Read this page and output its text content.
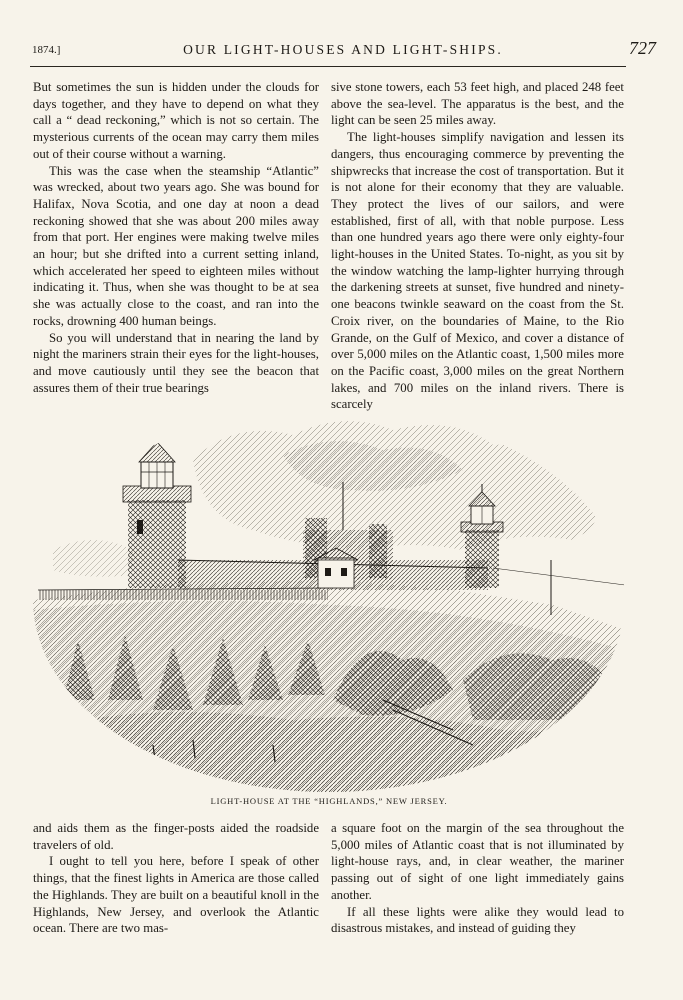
1874.]	OUR LIGHT-HOUSES AND LIGHT-SHIPS.	727

But sometimes the sun is hidden under the clouds for days together, and they have to depend on what they call a “ dead reckoning,” which is not so certain. The mysterious currents of the ocean may carry them miles out of their course without a warning.

This was the case when the steamship “Atlantic” was wrecked, about two years ago. She was bound for Halifax, Nova Scotia, and one day at noon a dead reckoning showed that she was about 200 miles away from that port. Her engines were making twelve miles an hour; but she drifted into a current setting inland, which accelerated her speed to eighteen miles without indicating it. Thus, when she was thought to be at sea she was actually close to the coast, and ran into the rocks, drowning 400 human beings.

So you will understand that in nearing the land by night the mariners strain their eyes for the light-houses, and move cautiously until they see the beacon that assures them of their true bearings

sive stone towers, each 53 feet high, and placed 248 feet above the sea-level. The apparatus is the best, and the light can be seen 25 miles away.

The light-houses simplify navigation and lessen its dangers, thus encouraging commerce by preventing the shipwrecks that increase the cost of transportation. But it is not alone for their economy that they are valuable. They protect the lives of our sailors, and were established, first of all, with that noble purpose. Less than one hundred years ago there were only eighty-four light-houses in the United States. To-night, as you sit by the window watching the lamp-lighter hurrying through the darkening streets at sunset, five hundred and ninety-one beacons twinkle seaward on the coast from the St. Croix river, on the boundaries of Maine, to the Rio Grande, on the Gulf of Mexico, and cover a distance of over 5,000 miles on the Atlantic coast, 1,500 miles more on the Pacific coast, 3,000 miles on the great Northern lakes, and 700 miles on the inland rivers. There is scarcely

LIGHT-HOUSE AT THE “HIGHLANDS,” NEW JERSEY.

and aids them as the finger-posts aided the roadside travelers of old.

I ought to tell you here, before I speak of other things, that the finest lights in America are those called the Highlands. They are built on a beautiful knoll in the Highlands, New Jersey, and overlook the Atlantic ocean. There are two mas-

a square foot on the margin of the sea throughout the 5,000 miles of Atlantic coast that is not illuminated by light-house rays, and, in clear weather, the mariner passing out of sight of one light immediately gains another.

If all these lights were alike they would lead to disastrous mistakes, and instead of guiding they
